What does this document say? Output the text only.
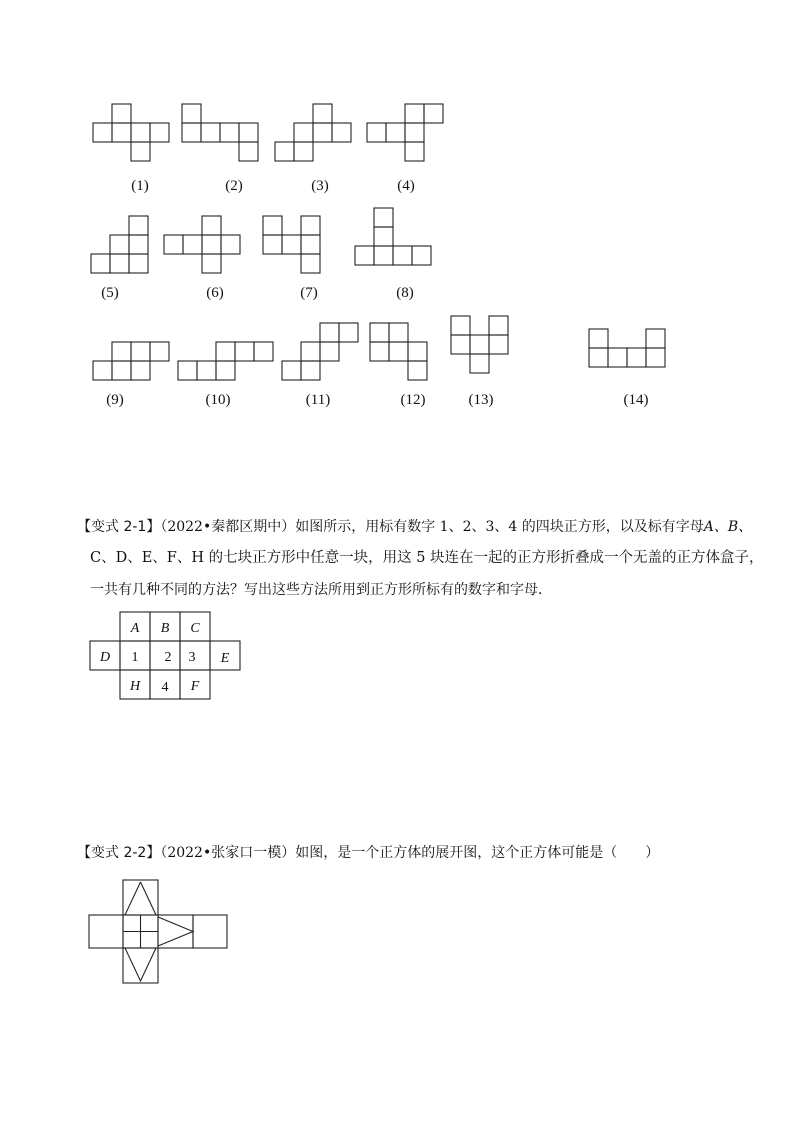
(1)	(2)	(3)	(4)
(5)	(6)	(7)	(8)
(9)	(10)	(11)	(12)	(13)	(14)
【变式 2-1】（2022•秦都区期中）如图所示，用标有数字 1、2、3、4 的四块正方形，以及标有字母A、B、
C、D、E、F、H 的七块正方形中任意一块，用这 5 块连在一起的正方形折叠成一个无盖的正方体盒子，
一共有几种不同的方法？写出这些方法所用到正方形所标有的数字和字母．
A B C
D 1 2 3 E
H 4 F
【变式 2-2】（2022•张家口一模）如图，是一个正方体的展开图，这个正方体可能是（　　）
